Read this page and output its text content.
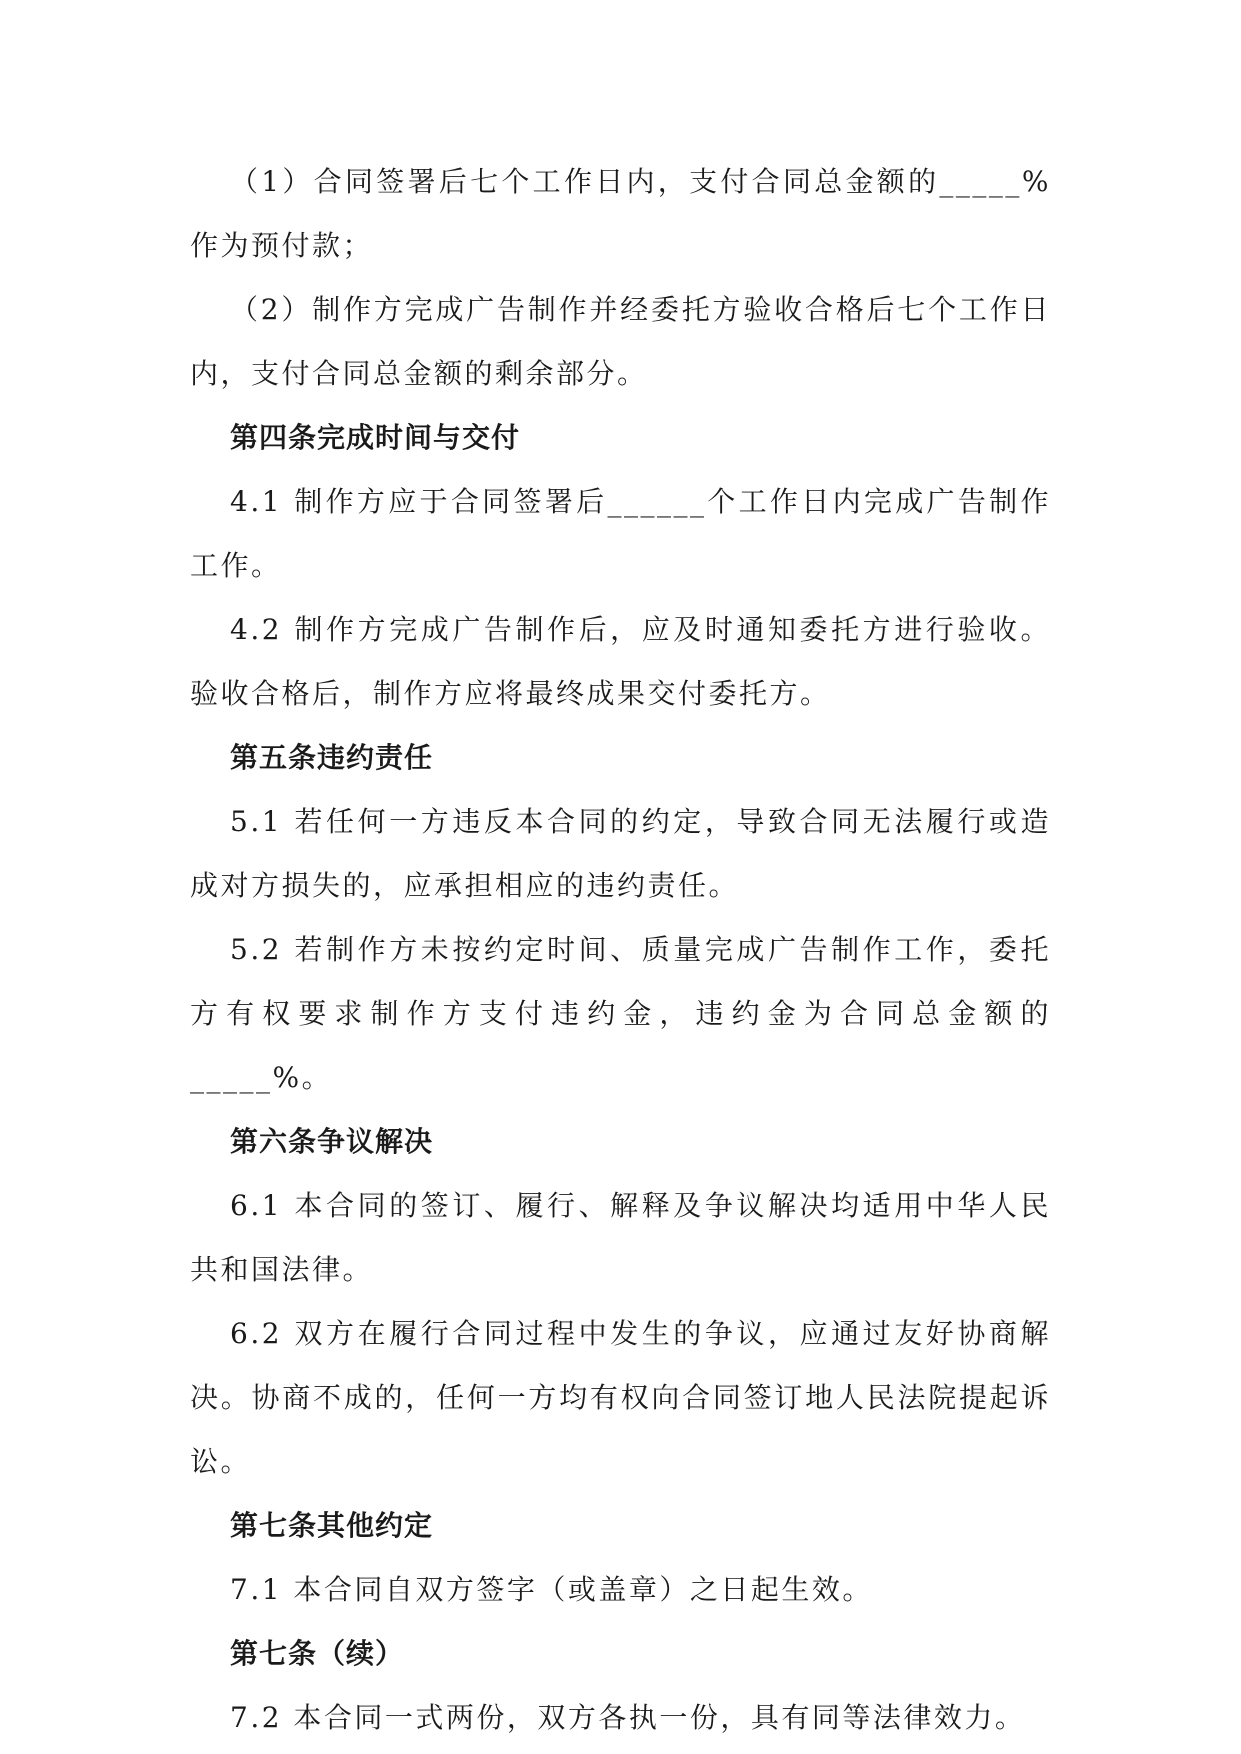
（1）合同签署后七个工作日内，支付合同总金额的_____%作为预付款；

（2）制作方完成广告制作并经委托方验收合格后七个工作日内，支付合同总金额的剩余部分。

第四条完成时间与交付

4.1 制作方应于合同签署后______个工作日内完成广告制作工作。

4.2 制作方完成广告制作后，应及时通知委托方进行验收。验收合格后，制作方应将最终成果交付委托方。

第五条违约责任

5.1 若任何一方违反本合同的约定，导致合同无法履行或造成对方损失的，应承担相应的违约责任。

5.2 若制作方未按约定时间、质量完成广告制作工作，委托方有权要求制作方支付违约金，违约金为合同总金额的_____%。

第六条争议解决

6.1 本合同的签订、履行、解释及争议解决均适用中华人民共和国法律。

6.2 双方在履行合同过程中发生的争议，应通过友好协商解决。协商不成的，任何一方均有权向合同签订地人民法院提起诉讼。

第七条其他约定

7.1 本合同自双方签字（或盖章）之日起生效。

第七条（续）

7.2 本合同一式两份，双方各执一份，具有同等法律效力。
